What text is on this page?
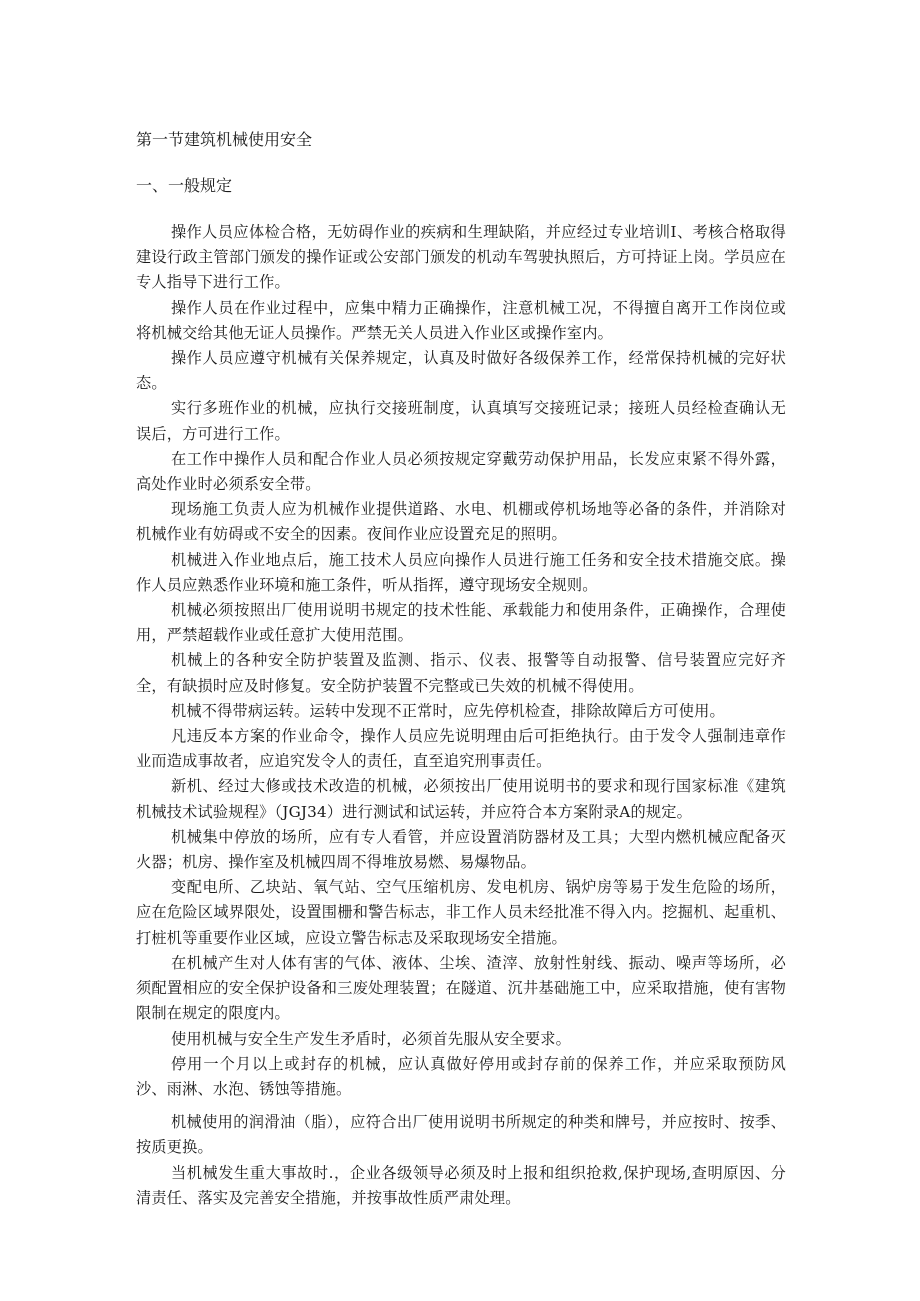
第一节建筑机械使用安全
一、一般规定

操作人员应体检合格，无妨碍作业的疾病和生理缺陷，并应经过专业培训I、考核合格取得建设行政主管部门颁发的操作证或公安部门颁发的机动车驾驶执照后，方可持证上岗。学员应在专人指导下进行工作。

操作人员在作业过程中，应集中精力正确操作，注意机械工况，不得擅自离开工作岗位或将机械交给其他无证人员操作。严禁无关人员进入作业区或操作室内。

操作人员应遵守机械有关保养规定，认真及时做好各级保养工作，经常保持机械的完好状态。

实行多班作业的机械，应执行交接班制度，认真填写交接班记录；接班人员经检查确认无误后，方可进行工作。

在工作中操作人员和配合作业人员必须按规定穿戴劳动保护用品，长发应束紧不得外露，高处作业时必须系安全带。

现场施工负责人应为机械作业提供道路、水电、机棚或停机场地等必备的条件，并消除对机械作业有妨碍或不安全的因素。夜间作业应设置充足的照明。

机械进入作业地点后，施工技术人员应向操作人员进行施工任务和安全技术措施交底。操作人员应熟悉作业环境和施工条件，听从指挥，遵守现场安全规则。

机械必须按照出厂使用说明书规定的技术性能、承载能力和使用条件，正确操作，合理使用，严禁超载作业或任意扩大使用范围。

机械上的各种安全防护装置及监测、指示、仪表、报警等自动报警、信号装置应完好齐全，有缺损时应及时修复。安全防护装置不完整或已失效的机械不得使用。

机械不得带病运转。运转中发现不正常时，应先停机检查，排除故障后方可使用。

凡违反本方案的作业命令，操作人员应先说明理由后可拒绝执行。由于发令人强制违章作业而造成事故者，应追究发令人的责任，直至追究刑事责任。

新机、经过大修或技术改造的机械，必须按出厂使用说明书的要求和现行国家标准《建筑机械技术试验规程》（JGJ34）进行测试和试运转，并应符合本方案附录A的规定。

机械集中停放的场所，应有专人看管，并应设置消防器材及工具；大型内燃机械应配备灭火器；机房、操作室及机械四周不得堆放易燃、易爆物品。

变配电所、乙块站、氧气站、空气压缩机房、发电机房、锅炉房等易于发生危险的场所，应在危险区域界限处，设置围栅和警告标志，非工作人员未经批准不得入内。挖掘机、起重机、打桩机等重要作业区域，应设立警告标志及采取现场安全措施。

在机械产生对人体有害的气体、液体、尘埃、渣滓、放射性射线、振动、噪声等场所，必须配置相应的安全保护设备和三废处理装置；在隧道、沉井基础施工中，应采取措施，使有害物限制在规定的限度内。

使用机械与安全生产发生矛盾时，必须首先服从安全要求。

停用一个月以上或封存的机械，应认真做好停用或封存前的保养工作，并应采取预防风沙、雨淋、水泡、锈蚀等措施。

机械使用的润滑油（脂），应符合出厂使用说明书所规定的种类和牌号，并应按时、按季、按质更换。

当机械发生重大事故时.，企业各级领导必须及时上报和组织抢救,保护现场,查明原因、分清责任、落实及完善安全措施，并按事故性质严肃处理。
